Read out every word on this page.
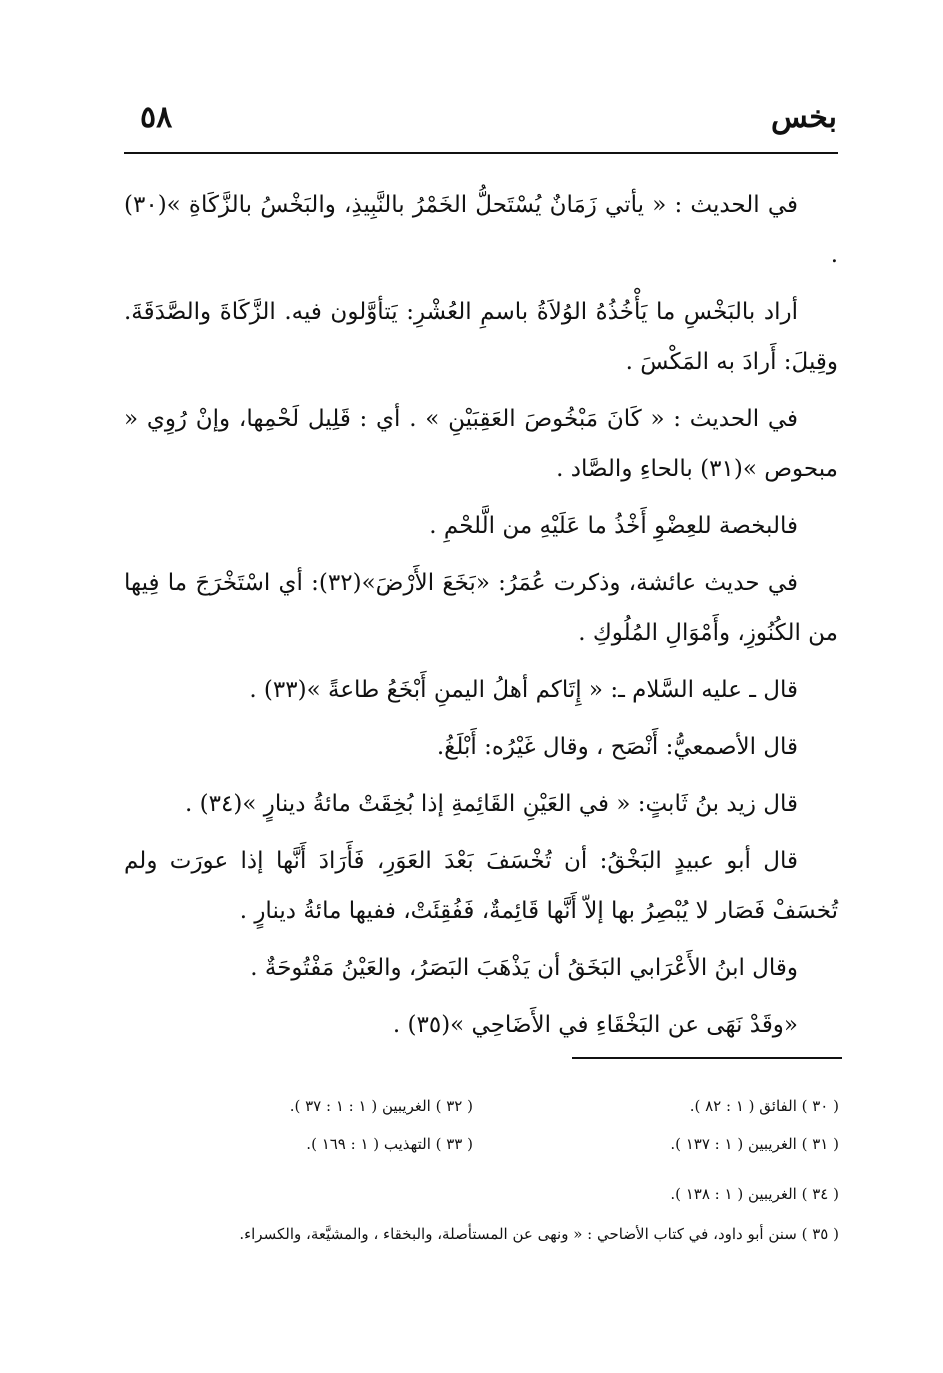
بخس
٥٨

في الحديث : « يأتي زَمَانٌ يُسْتَحلُّ الخَمْرُ بالنَّبِيذِ، والبَخْسُ بالزَّكَاةِ »(٣٠) .

أراد بالبَخْسِ ما يَأْخُذُهُ الوُلاَةُ باسمِ العُشْرِ: يَتأوَّلون فيه. الزَّكَاةَ والصَّدَقَةَ. وقِيلَ: أَرادَ به المَكْسَ .

في الحديث : « كَانَ مَبْخُوصَ العَقِبَيْنِ » . أي : قَلِيل لَحْمِها، وإنْ رُوِي « مبحوص »(٣١) بالحاءِ والصَّاد .

فالبخصة للعِضْوِ أَخْذُ ما عَلَيْهِ من الَّلحْمِ .

في حديث عائشة، وذكرت عُمَرُ: «بَخَعَ الأَرْضَ»(٣٢): أي اسْتَخْرَجَ ما فِيها من الكُنُوزِ، وأَمْوَالِ المُلُوكِ .

قال ـ عليه السَّلام ـ: « إِتَاكم أهلُ اليمنِ أَبْخَعُ طاعةً »(٣٣) .

قال الأصمعيُّ: أَنْصَح ، وقال غَيْرُه: أَبْلَغُ.

قال زيد بنُ ثَابتٍ: « في العَيْنِ القَائِمةِ إذا بُخِقَتْ مائةُ دينارٍ »(٣٤) .

قال أبو عبيدٍ البَخْقُ: أن تُخْسَفَ بَعْدَ العَوَرِ، فَأَرَادَ أَنَّها إذا عورَت ولم تُخسَفْ فَصَار لا يُبْصِرُ بها إلاّ أَنَّها قَائِمةٌ، فَفُقِئَتْ، ففيها مائةُ دينارٍ .

وقال ابنُ الأَعْرَابي البَخَقُ أن يَذْهَبَ البَصَرُ، والعَيْنُ مَفْتُوحَةٌ .

«وقَدْ نَهَى عن البَخْقَاءِ في الأَضَاحِي »(٣٥) .

( ٣٠ ) الفائق ( ١ : ٨٢ ).
( ٣١ ) الغريبين ( ١ : ١٣٧ ).
( ٣٢ ) الغريبين ( ١ : ١ : ٣٧ ).
( ٣٣ ) التهذيب ( ١ : ١٦٩ ).
( ٣٤ ) الغريبين ( ١ : ١٣٨ ).
( ٣٥ ) سنن أبو داود، في كتاب الأضاحي : « ونهى عن المستأصلة، والبخقاء ، والمشيَّعة، والكسراء.
